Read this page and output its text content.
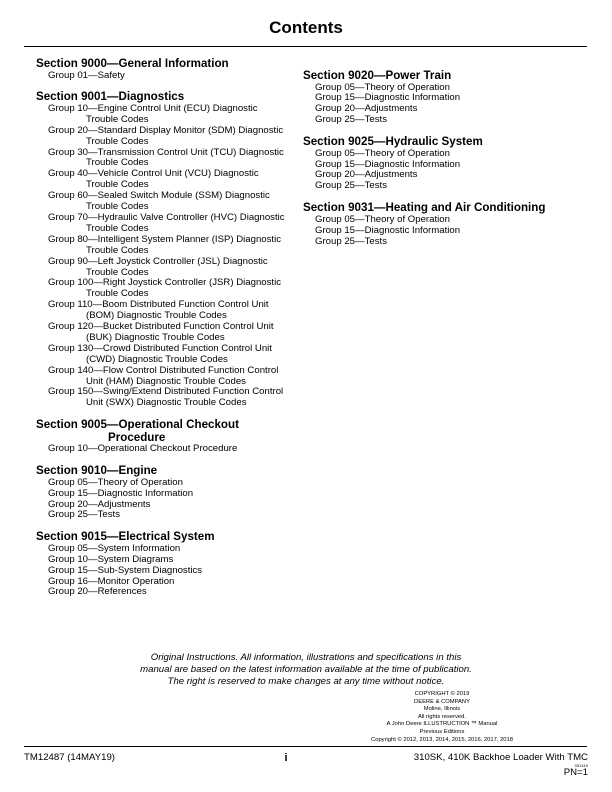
Contents
Section 9000—General Information
Group 01—Safety
Section 9001—Diagnostics
Group 10—Engine Control Unit (ECU) Diagnostic
Trouble Codes
Group 20—Standard Display Monitor (SDM) Diagnostic
Trouble Codes
Group 30—Transmission Control Unit (TCU) Diagnostic
Trouble Codes
Group 40—Vehicle Control Unit (VCU) Diagnostic
Trouble Codes
Group 60—Sealed Switch Module (SSM) Diagnostic
Trouble Codes
Group 70—Hydraulic Valve Controller (HVC) Diagnostic
Trouble Codes
Group 80—Intelligent System Planner (ISP) Diagnostic
Trouble Codes
Group 90—Left Joystick Controller (JSL) Diagnostic
Trouble Codes
Group 100—Right Joystick Controller (JSR) Diagnostic
Trouble Codes
Group 110—Boom Distributed Function Control Unit
(BOM) Diagnostic Trouble Codes
Group 120—Bucket Distributed Function Control Unit
(BUK) Diagnostic Trouble Codes
Group 130—Crowd Distributed Function Control Unit
(CWD) Diagnostic Trouble Codes
Group 140—Flow Control Distributed Function Control
Unit (HAM) Diagnostic Trouble Codes
Group 150—Swing/Extend Distributed Function Control
Unit (SWX) Diagnostic Trouble Codes
Section 9005—Operational Checkout
Procedure
Group 10—Operational Checkout Procedure
Section 9010—Engine
Group 05—Theory of Operation
Group 15—Diagnostic Information
Group 20—Adjustments
Group 25—Tests
Section 9015—Electrical System
Group 05—System Information
Group 10—System Diagrams
Group 15—Sub-System Diagnostics
Group 16—Monitor Operation
Group 20—References
Section 9020—Power Train
Group 05—Theory of Operation
Group 15—Diagnostic Information
Group 20—Adjustments
Group 25—Tests
Section 9025—Hydraulic System
Group 05—Theory of Operation
Group 15—Diagnostic Information
Group 20—Adjustments
Group 25—Tests
Section 9031—Heating and Air Conditioning
Group 05—Theory of Operation
Group 15—Diagnostic Information
Group 25—Tests
Original Instructions. All information, illustrations and specifications in this
manual are based on the latest information available at the time of publication.
The right is reserved to make changes at any time without notice.
COPYRIGHT © 2019
DEERE & COMPANY
Moline, Illinois
All rights reserved.
A John Deere ILLUSTRUCTION ™ Manual
Previous Editions
Copyright © 2012, 2013, 2014, 2015, 2016, 2017, 2018
TM12487 (14MAY19)	i	310SK, 410K Backhoe Loader With TMC
051419
PN=1
